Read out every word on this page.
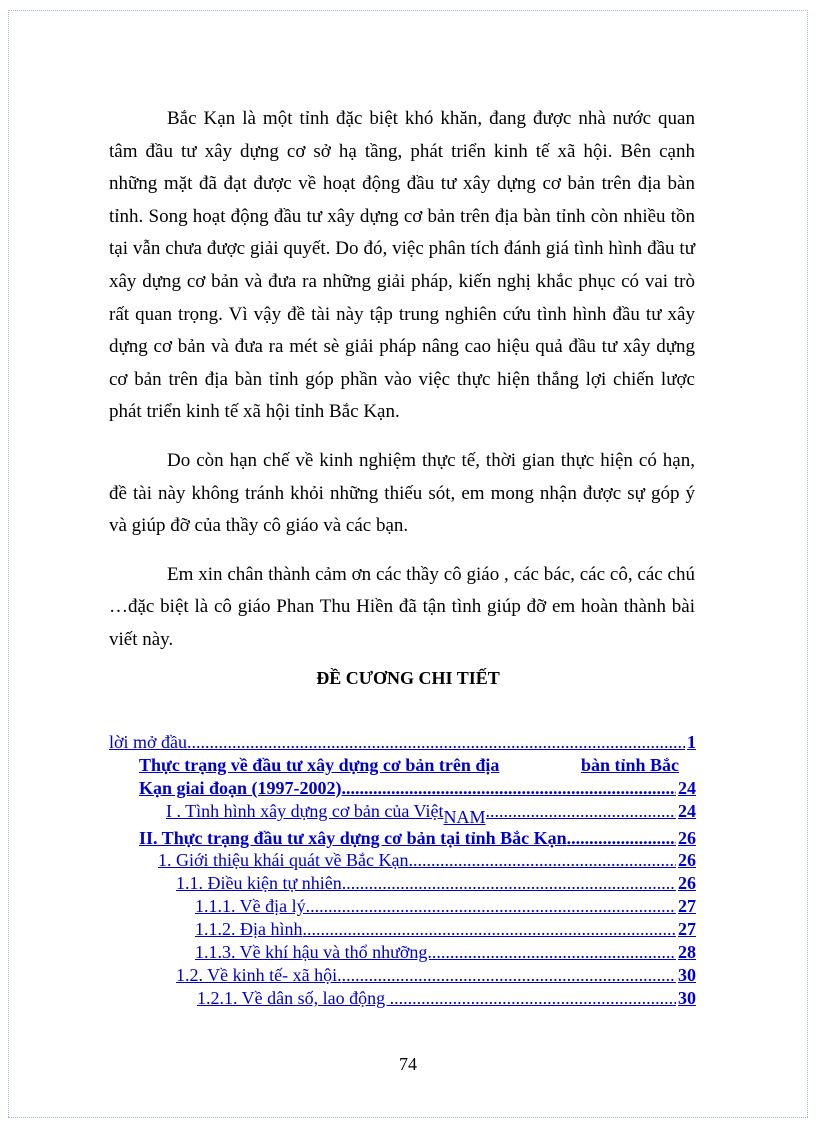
Bắc Kạn là một tỉnh đặc biệt khó khăn, đang được nhà nước quan tâm đầu tư xây dựng cơ sở hạ tầng, phát triển kinh tế xã hội. Bên cạnh những mặt đã đạt được về hoạt động đầu tư xây dựng cơ bản trên địa bàn tỉnh. Song hoạt động đầu tư xây dựng cơ bản trên địa bàn tỉnh còn nhiều tồn tại vẫn chưa được giải quyết. Do đó, việc phân tích đánh giá tình hình đầu tư xây dựng cơ bản và đưa ra những giải pháp, kiến nghị khắc phục có vai trò rất quan trọng. Vì vậy đề tài này tập trung nghiên cứu tình hình đầu tư xây dựng cơ bản và đưa ra mét sè giải pháp nâng cao hiệu quả đầu tư xây dựng cơ bản trên địa bàn tỉnh góp phần vào việc thực hiện thắng lợi chiến lược phát triển kinh tế xã hội tỉnh Bắc Kạn.

Do còn hạn chế về kinh nghiệm thực tế, thời gian thực hiện có hạn, đề tài này không tránh khỏi những thiếu sót, em mong nhận được sự góp ý và giúp đỡ của thầy cô giáo và các bạn.

Em xin chân thành cảm ơn các thầy cô giáo , các bác, các cô, các chú …đặc biệt là cô giáo Phan Thu Hiền đã tận tình giúp đỡ em hoàn thành bài viết này.

ĐỀ CƯƠNG CHI TIẾT
lời mở đầu .....	1
Thực trạng về đầu tư xây dựng cơ bản trên địa	bàn tỉnh Bắc
Kạn giai đoạn (1997-2002) .....	24
I . Tình hình xây dựng cơ bản của Việt NAM .....	24
II. Thực trạng đầu tư xây dựng cơ bản tại tỉnh Bắc Kạn .....	26
1. Giới thiệu khái quát về Bắc Kạn. .....	26
1.1. Điều kiện tự nhiên. .....	26
1.1.1. Về địa lý. .....	27
1.1.2. Địa hình .....	27
1.1.3. Về khí hậu và thổ nhưỡng. .....	28
1.2. Về kinh tế- xã hội. .....	30
1.2.1. Về dân số, lao động . .....	30
74
